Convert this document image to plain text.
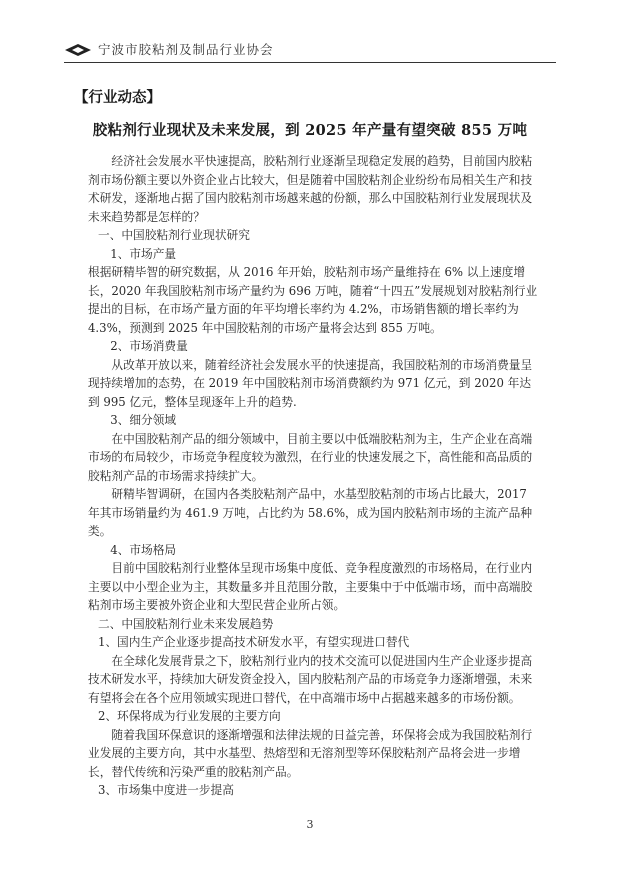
宁波市胶粘剂及制品行业协会
【行业动态】
胶粘剂行业现状及未来发展，到 2025 年产量有望突破 855 万吨

经济社会发展水平快速提高，胶粘剂行业逐渐呈现稳定发展的趋势，目前国内胶粘剂市场份额主要以外资企业占比较大，但是随着中国胶粘剂企业纷纷布局相关生产和技术研发，逐渐地占据了国内胶粘剂市场越来越的份额，那么中国胶粘剂行业发展现状及未来趋势都是怎样的？

一、中国胶粘剂行业现状研究

1、市场产量

根据研精毕智的研究数据，从 2016 年开始，胶粘剂市场产量维持在 6% 以上速度增长，2020 年我国胶粘剂市场产量约为 696 万吨，随着“十四五”发展规划对胶粘剂行业提出的目标，在市场产量方面的年平均增长率约为 4.2%，市场销售额的增长率约为 4.3%，预测到 2025 年中国胶粘剂的市场产量将会达到 855 万吨。

2、市场消费量

从改革开放以来，随着经济社会发展水平的快速提高，我国胶粘剂的市场消费量呈现持续增加的态势，在 2019 年中国胶粘剂市场消费额约为 971 亿元，到 2020 年达到 995 亿元，整体呈现逐年上升的趋势.

3、细分领域

在中国胶粘剂产品的细分领域中，目前主要以中低端胶粘剂为主，生产企业在高端市场的布局较少，市场竞争程度较为激烈，在行业的快速发展之下，高性能和高品质的胶粘剂产品的市场需求持续扩大。

研精毕智调研，在国内各类胶粘剂产品中，水基型胶粘剂的市场占比最大，2017 年其市场销量约为 461.9 万吨，占比约为 58.6%，成为国内胶粘剂市场的主流产品种类。

4、市场格局

目前中国胶粘剂行业整体呈现市场集中度低、竞争程度激烈的市场格局，在行业内主要以中小型企业为主，其数量多并且范围分散，主要集中于中低端市场，而中高端胶粘剂市场主要被外资企业和大型民营企业所占领。

二、中国胶粘剂行业未来发展趋势

1、国内生产企业逐步提高技术研发水平，有望实现进口替代

在全球化发展背景之下，胶粘剂行业内的技术交流可以促进国内生产企业逐步提高技术研发水平，持续加大研发资金投入，国内胶粘剂产品的市场竞争力逐渐增强，未来有望将会在各个应用领域实现进口替代，在中高端市场中占据越来越多的市场份额。

2、环保将成为行业发展的主要方向

随着我国环保意识的逐渐增强和法律法规的日益完善，环保将会成为我国胶粘剂行业发展的主要方向，其中水基型、热熔型和无溶剂型等环保胶粘剂产品将会进一步增长，替代传统和污染严重的胶粘剂产品。

3、市场集中度进一步提高

3
